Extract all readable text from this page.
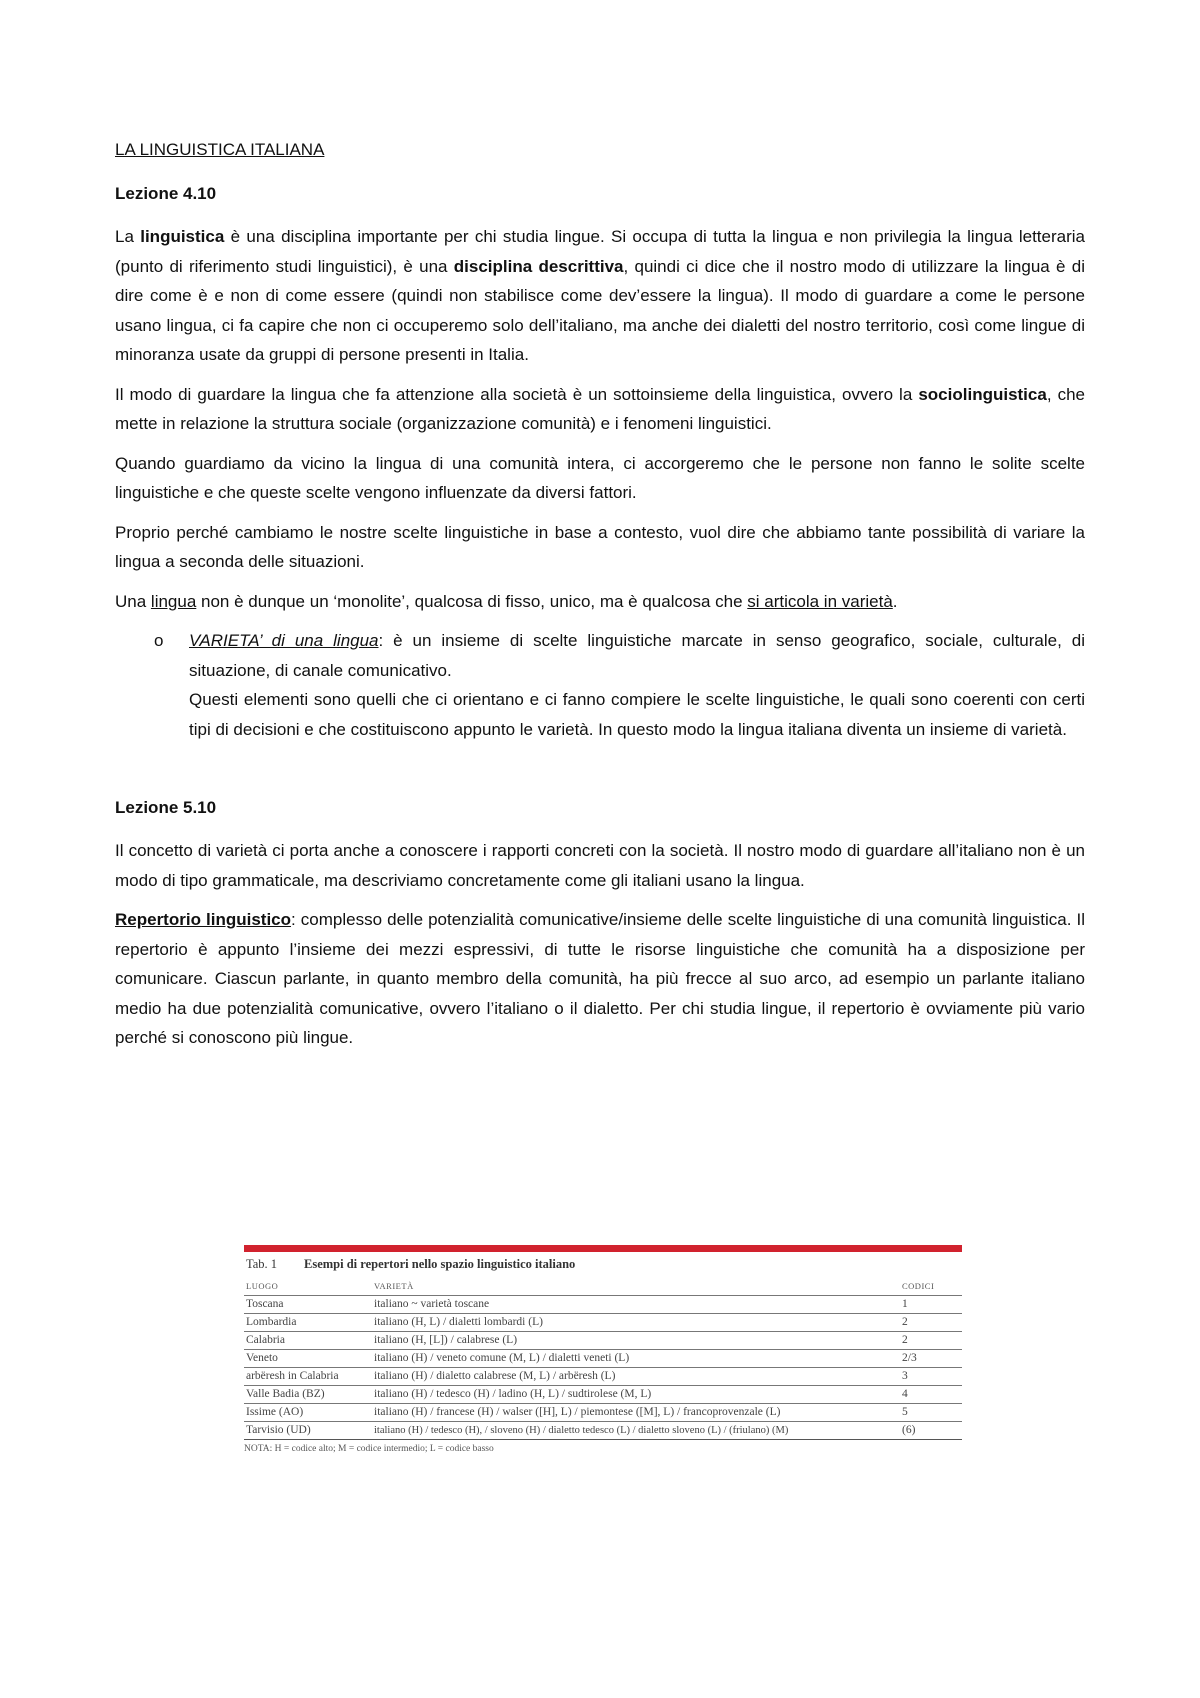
LA LINGUISTICA ITALIANA
Lezione 4.10

La linguistica è una disciplina importante per chi studia lingue. Si occupa di tutta la lingua e non privilegia la lingua letteraria (punto di riferimento studi linguistici), è una disciplina descrittiva, quindi ci dice che il nostro modo di utilizzare la lingua è di dire come è e non di come essere (quindi non stabilisce come dev’essere la lingua). Il modo di guardare a come le persone usano lingua, ci fa capire che non ci occuperemo solo dell’italiano, ma anche dei dialetti del nostro territorio, così come lingue di minoranza usate da gruppi di persone presenti in Italia.

Il modo di guardare la lingua che fa attenzione alla società è un sottoinsieme della linguistica, ovvero la sociolinguistica, che mette in relazione la struttura sociale (organizzazione comunità) e i fenomeni linguistici.

Quando guardiamo da vicino la lingua di una comunità intera, ci accorgeremo che le persone non fanno le solite scelte linguistiche e che queste scelte vengono influenzate da diversi fattori.

Proprio perché cambiamo le nostre scelte linguistiche in base a contesto, vuol dire che abbiamo tante possibilità di variare la lingua a seconda delle situazioni.

Una lingua non è dunque un ‘monolite’, qualcosa di fisso, unico, ma è qualcosa che si articola in varietà.

o VARIETA’ di una lingua: è un insieme di scelte linguistiche marcate in senso geografico, sociale, culturale, di situazione, di canale comunicativo.

Questi elementi sono quelli che ci orientano e ci fanno compiere le scelte linguistiche, le quali sono coerenti con certi tipi di decisioni e che costituiscono appunto le varietà. In questo modo la lingua italiana diventa un insieme di varietà.

Lezione 5.10

Il concetto di varietà ci porta anche a conoscere i rapporti concreti con la società. Il nostro modo di guardare all’italiano non è un modo di tipo grammaticale, ma descriviamo concretamente come gli italiani usano la lingua.

Repertorio linguistico: complesso delle potenzialità comunicative/insieme delle scelte linguistiche di una comunità linguistica. Il repertorio è appunto l’insieme dei mezzi espressivi, di tutte le risorse linguistiche che comunità ha a disposizione per comunicare. Ciascun parlante, in quanto membro della comunità, ha più frecce al suo arco, ad esempio un parlante italiano medio ha due potenzialità comunicative, ovvero l’italiano o il dialetto. Per chi studia lingue, il repertorio è ovviamente più vario perché si conoscono più lingue.

Tab. 1 Esempi di repertori nello spazio linguistico italiano
LUOGO	VARIETÀ	CODICI
Toscana	italiano ~ varietà toscane	1
Lombardia	italiano (H, L) / dialetti lombardi (L)	2
Calabria	italiano (H, [L]) / calabrese (L)	2
Veneto	italiano (H) / veneto comune (M, L) / dialetti veneti (L)	2/3
arbëresh in Calabria	italiano (H) / dialetto calabrese (M, L) / arbëresh (L)	3
Valle Badia (BZ)	italiano (H) / tedesco (H) / ladino (H, L) / sudtirolese (M, L)	4
Issime (AO)	italiano (H) / francese (H) / walser ([H], L) / piemontese ([M], L) / francoprovenzale (L)	5
Tarvisio (UD)	italiano (H) / tedesco (H), / sloveno (H) / dialetto tedesco (L) / dialetto sloveno (L) / (friulano) (M)	(6)
NOTA: H = codice alto; M = codice intermedio; L = codice basso
